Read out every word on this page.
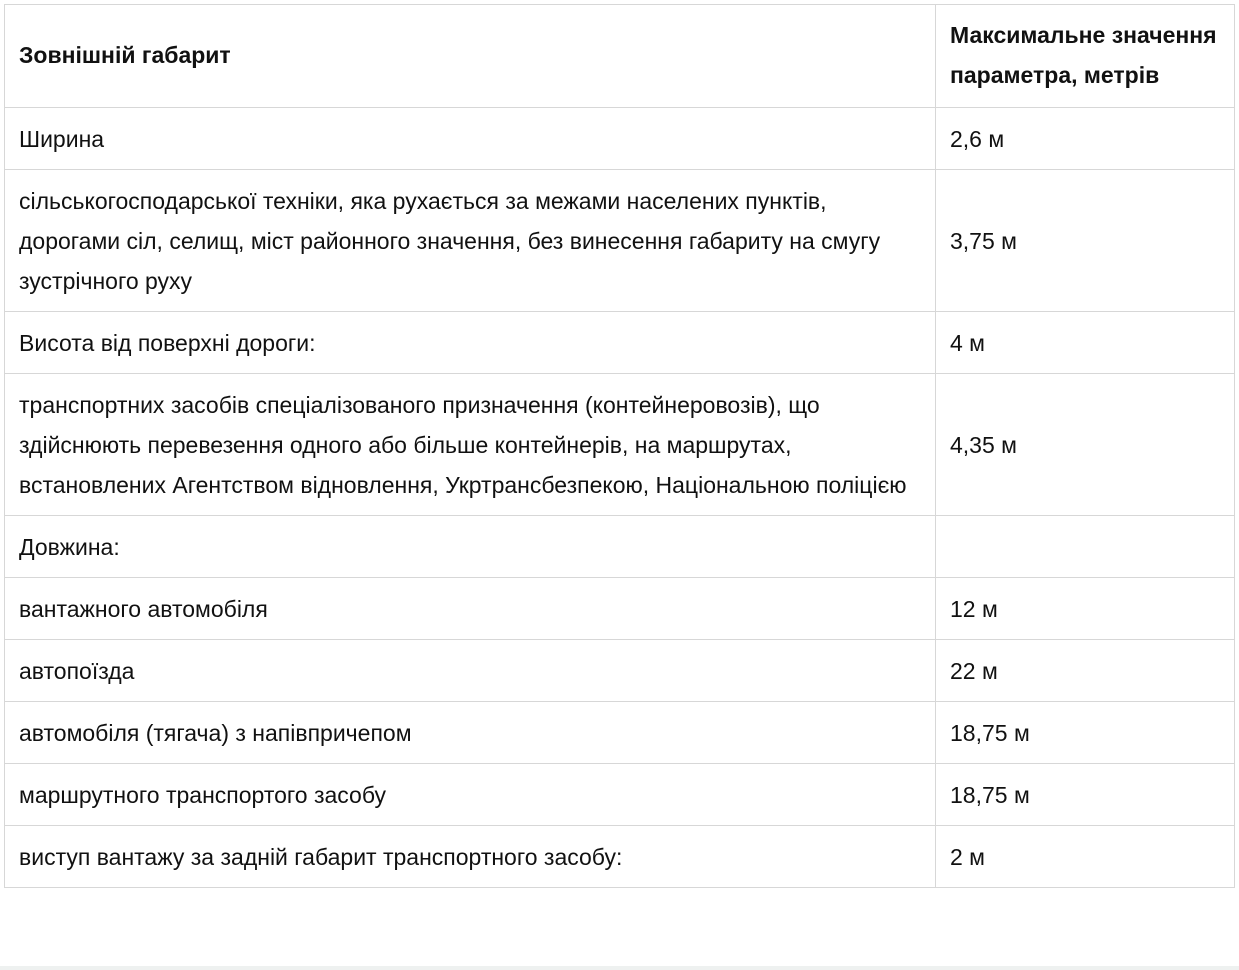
Зовнішній габарит	Максимальне значення параметра, метрів
Ширина	2,6 м
сільськогосподарської техніки, яка рухається за межами населених пунктів, дорогами сіл, селищ, міст районного значення, без винесення габариту на смугу зустрічного руху	3,75 м
Висота від поверхні дороги:	4 м
транспортних засобів спеціалізованого призначення (контейнеровозів), що здійснюють перевезення одного або більше контейнерів, на маршрутах, встановлених Агентством відновлення, Укртрансбезпекою, Національною поліцією	4,35 м
Довжина:	
вантажного автомобіля	12 м
автопоїзда	22 м
автомобіля (тягача) з напівпричепом	18,75 м
маршрутного транспортого засобу	18,75 м
виступ вантажу за задній габарит транспортного засобу:	2 м
